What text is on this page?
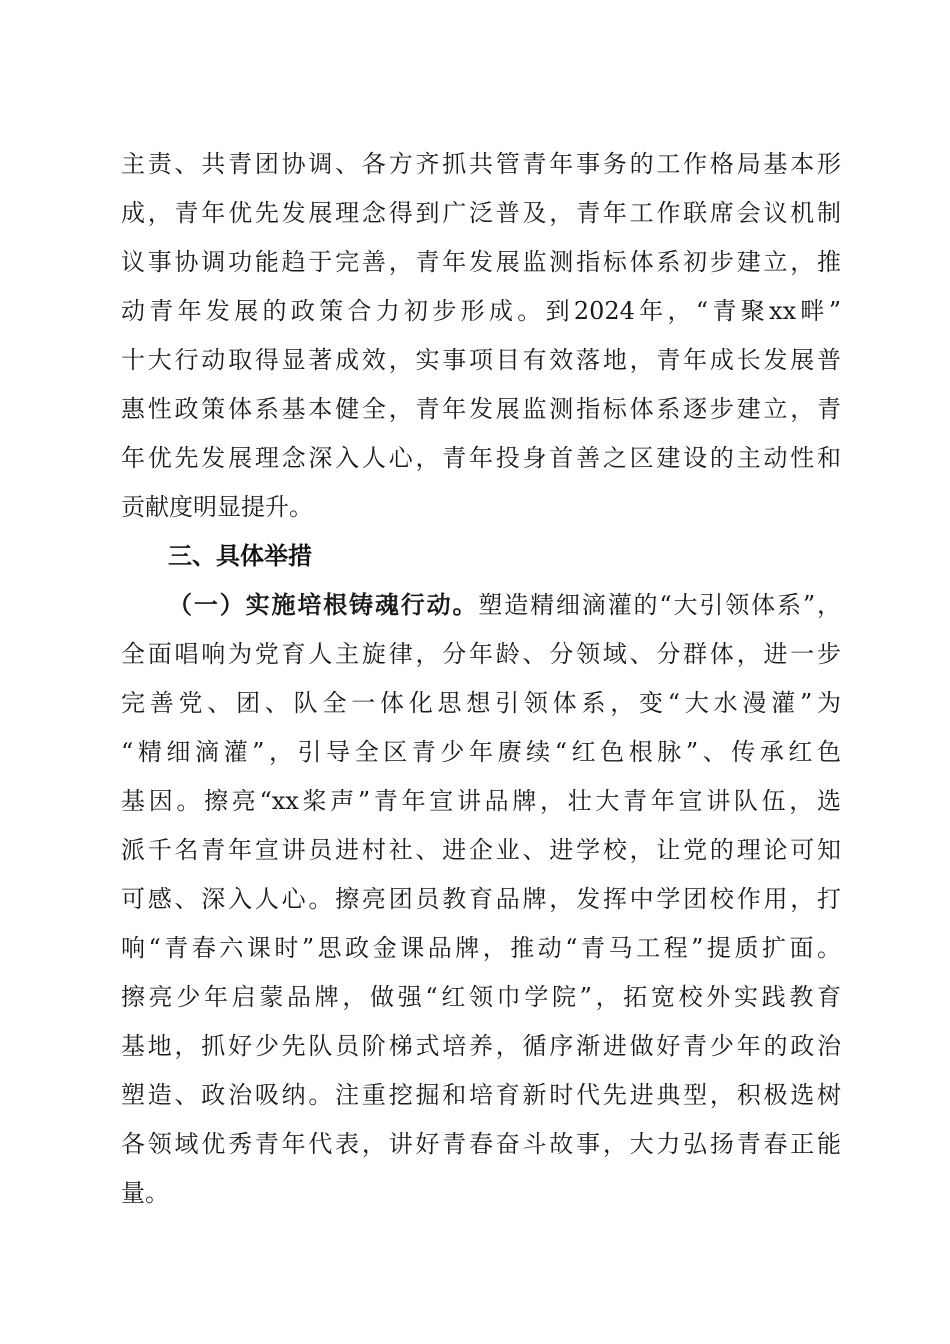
主责、共青团协调、各方齐抓共管青年事务的工作格局基本形
成，青年优先发展理念得到广泛普及，青年工作联席会议机制
议事协调功能趋于完善，青年发展监测指标体系初步建立，推
动青年发展的政策合力初步形成。到2024年，“青聚xx畔”
十大行动取得显著成效，实事项目有效落地，青年成长发展普
惠性政策体系基本健全，青年发展监测指标体系逐步建立，青
年优先发展理念深入人心，青年投身首善之区建设的主动性和
贡献度明显提升。
三、具体举措
（一）实施培根铸魂行动。塑造精细滴灌的“大引领体系”，
全面唱响为党育人主旋律，分年龄、分领域、分群体，进一步
完善党、团、队全一体化思想引领体系，变“大水漫灌”为
“精细滴灌”，引导全区青少年赓续“红色根脉”、传承红色
基因。擦亮“xx桨声”青年宣讲品牌，壮大青年宣讲队伍，选
派千名青年宣讲员进村社、进企业、进学校，让党的理论可知
可感、深入人心。擦亮团员教育品牌，发挥中学团校作用，打
响“青春六课时”思政金课品牌，推动“青马工程”提质扩面。
擦亮少年启蒙品牌，做强“红领巾学院”，拓宽校外实践教育
基地，抓好少先队员阶梯式培养，循序渐进做好青少年的政治
塑造、政治吸纳。注重挖掘和培育新时代先进典型，积极选树
各领域优秀青年代表，讲好青春奋斗故事，大力弘扬青春正能
量。
